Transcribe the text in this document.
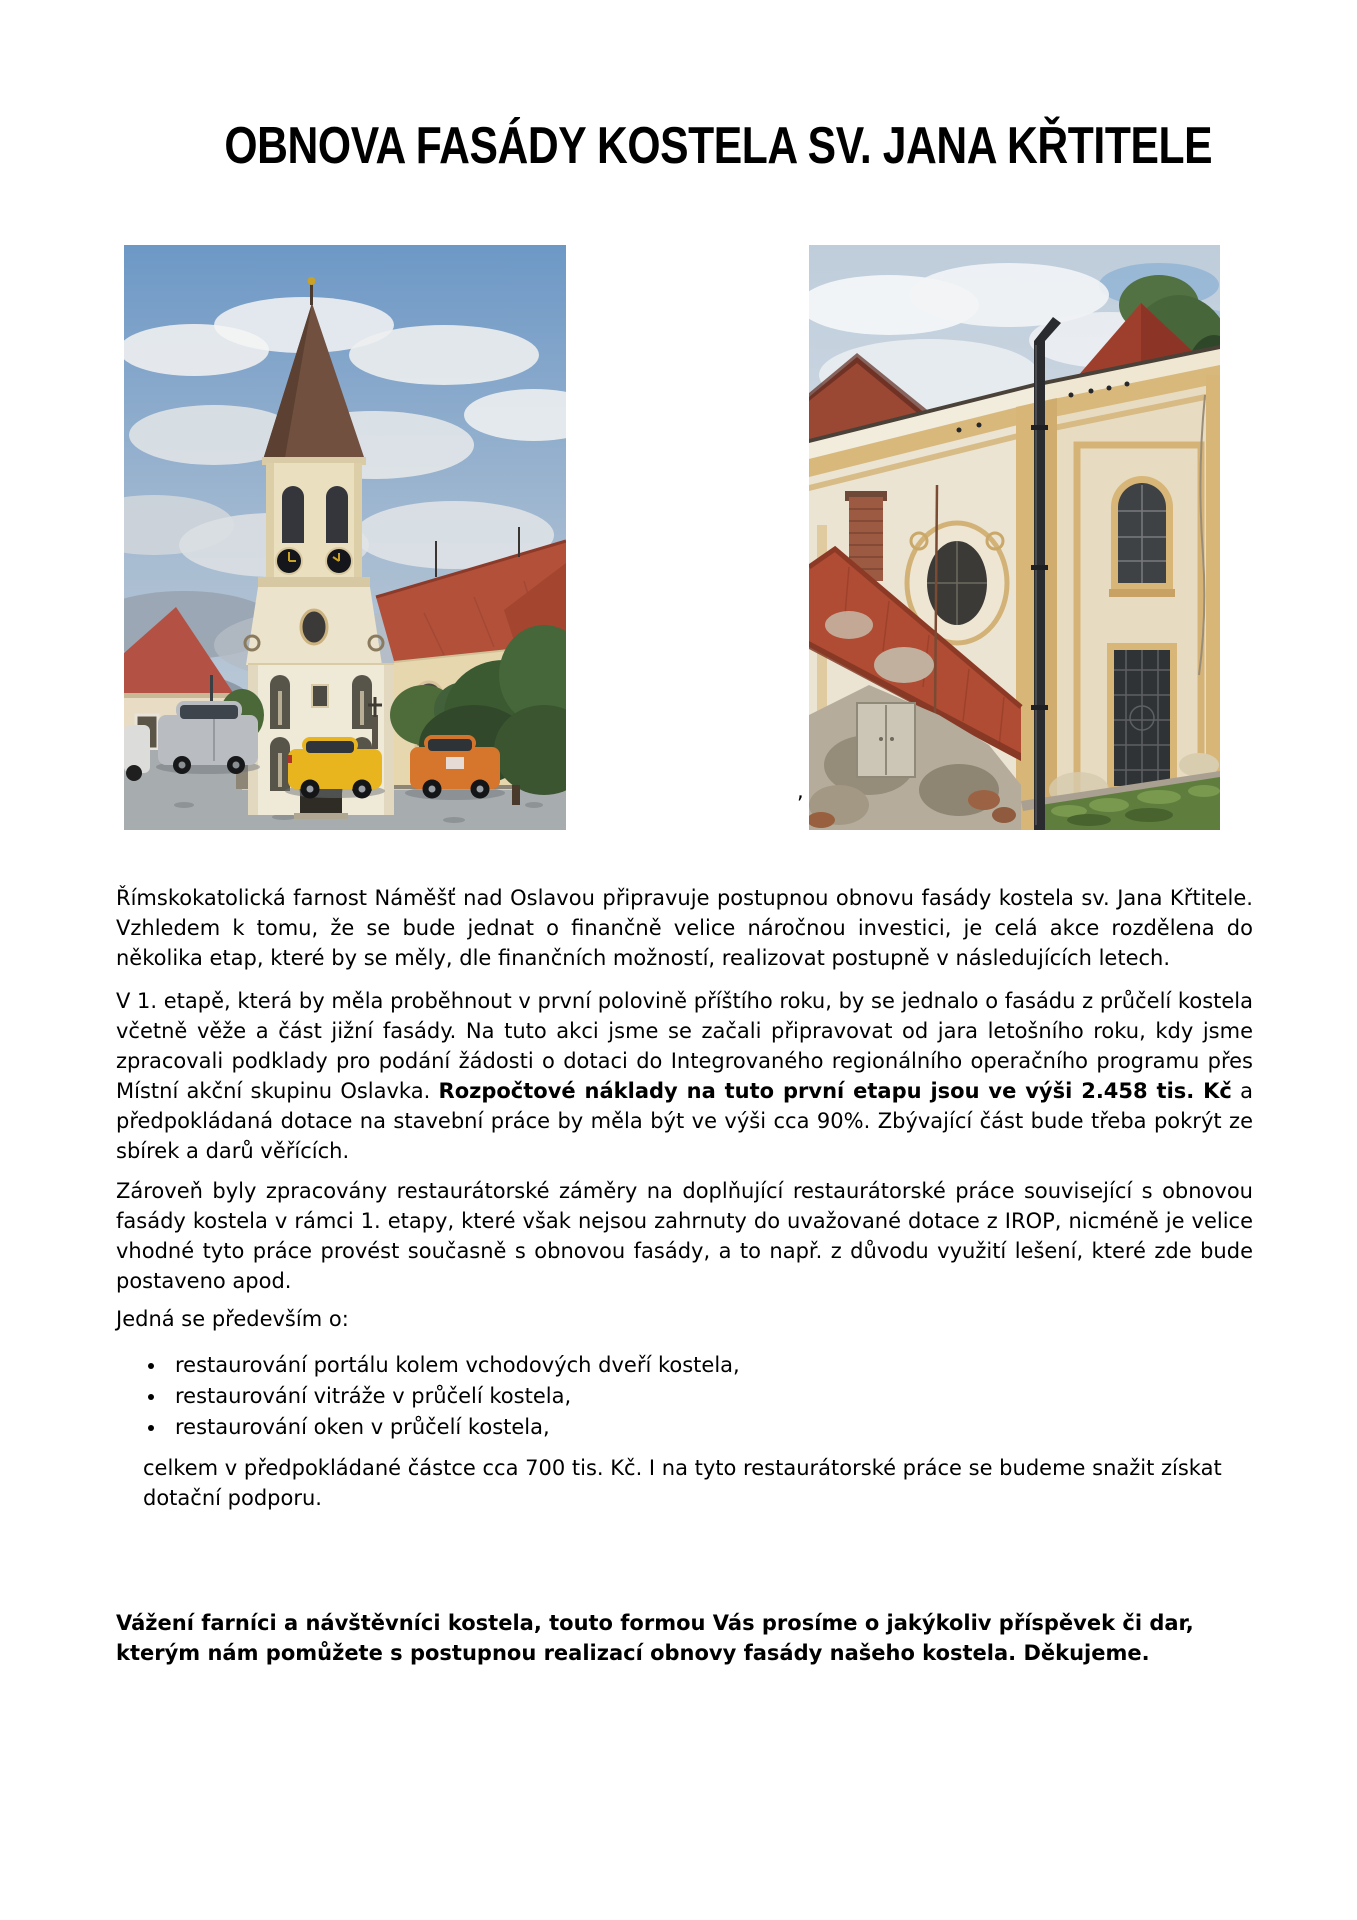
OBNOVA FASÁDY KOSTELA SV. JANA KŘTITELE
,

Římskokatolická farnost Náměšť nad Oslavou připravuje postupnou obnovu fasády kostela sv. Jana Křtitele. Vzhledem k tomu, že se bude jednat o finančně velice náročnou investici, je celá akce rozdělena do několika etap, které by se měly, dle finančních možností, realizovat postupně v následujících letech.

V 1. etapě, která by měla proběhnout v první polovině příštího roku, by se jednalo o fasádu z průčelí kostela včetně věže a část jižní fasády. Na tuto akci jsme se začali připravovat od jara letošního roku, kdy jsme zpracovali podklady pro podání žádosti o dotaci do Integrovaného regionálního operačního programu přes Místní akční skupinu Oslavka. Rozpočtové náklady na tuto první etapu jsou ve výši 2.458 tis. Kč a předpokládaná dotace na stavební práce by měla být ve výši cca 90%. Zbývající část bude třeba pokrýt ze sbírek a darů věřících.

Zároveň byly zpracovány restaurátorské záměry na doplňující restaurátorské práce související s obnovou fasády kostela v rámci 1. etapy, které však nejsou zahrnuty do uvažované dotace z IROP, nicméně je velice vhodné tyto práce provést současně s obnovou fasády, a to např. z důvodu využití lešení, které zde bude postaveno apod.

Jedná se především o:

restaurování portálu kolem vchodových dveří kostela,
restaurování vitráže v průčelí kostela,
restaurování oken v průčelí kostela,

celkem v předpokládané částce cca 700 tis. Kč. I na tyto restaurátorské práce se budeme snažit získat dotační podporu.

Vážení farníci a návštěvníci kostela, touto formou Vás prosíme o jakýkoliv příspěvek či dar, kterým nám pomůžete s postupnou realizací obnovy fasády našeho kostela. Děkujeme.
